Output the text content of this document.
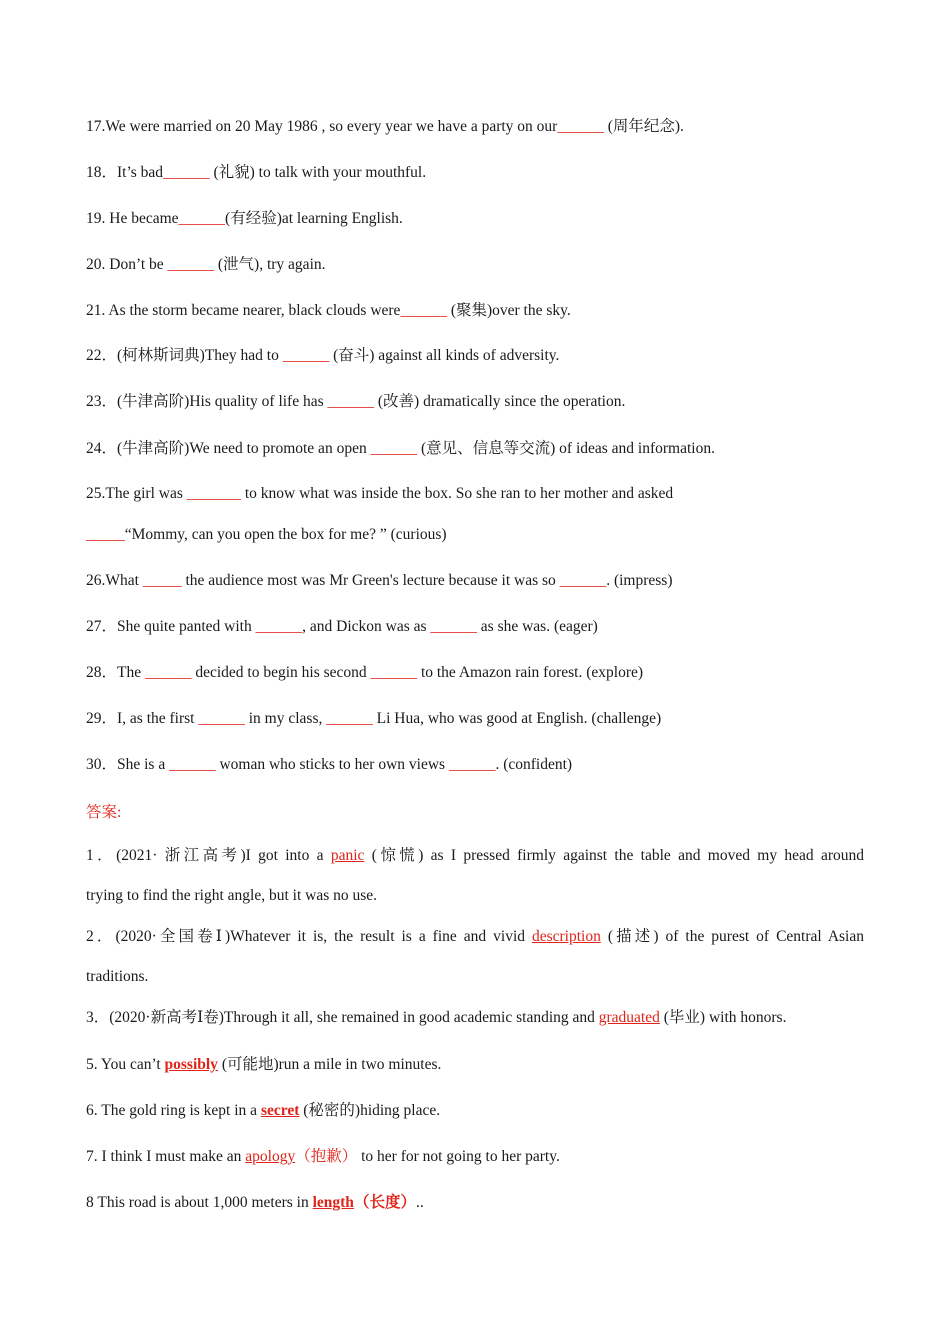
17.We were married on 20 May 1986 , so every year we have a party on our______ (周年纪念).
18．It’s bad______ (礼貌) to talk with your mouthful.
19. He became______(有经验)at learning English.
20. Don’t be ______ (泄气), try again.
21. As the storm became nearer, black clouds were______ (聚集)over the sky.
22．(柯林斯词典)They had to ______ (奋斗) against all kinds of adversity.
23．(牛津高阶)His quality of life has ______ (改善) dramatically since the operation.
24．(牛津高阶)We need to promote an open ______ (意见、信息等交流) of ideas and information.
25.The girl was _______ to know what was inside the box. So she ran to her mother and asked
_____“Mommy, can you open the box for me? ” (curious)
26.What _____ the audience most was Mr Green's lecture because it was so ______. (impress)
27．She quite panted with ______, and Dickon was as ______ as she was. (eager)
28．The ______ decided to begin his second ______ to the Amazon rain forest. (explore)
29．I, as the first ______ in my class, ______ Li Hua, who was good at English. (challenge)
30．She is a ______ woman who sticks to her own views ______. (confident)
答案:
1．(2021· 浙江高考)I got into a panic (惊慌) as I pressed firmly against the table and moved my head around
trying to find the right angle, but it was no use.
2．(2020·全国卷Ⅰ)Whatever it is, the result is a fine and vivid description (描述) of the purest of Central Asian
traditions.
3．(2020·新高考Ⅰ卷)Through it all, she remained in good academic standing and graduated (毕业) with honors.
5. You can’t possibly (可能地)run a mile in two minutes.
6. The gold ring is kept in a secret (秘密的)hiding place.
7. I think I must make an apology（抱歉） to her for not going to her party.
8 This road is about 1,000 meters in length（长度）..
